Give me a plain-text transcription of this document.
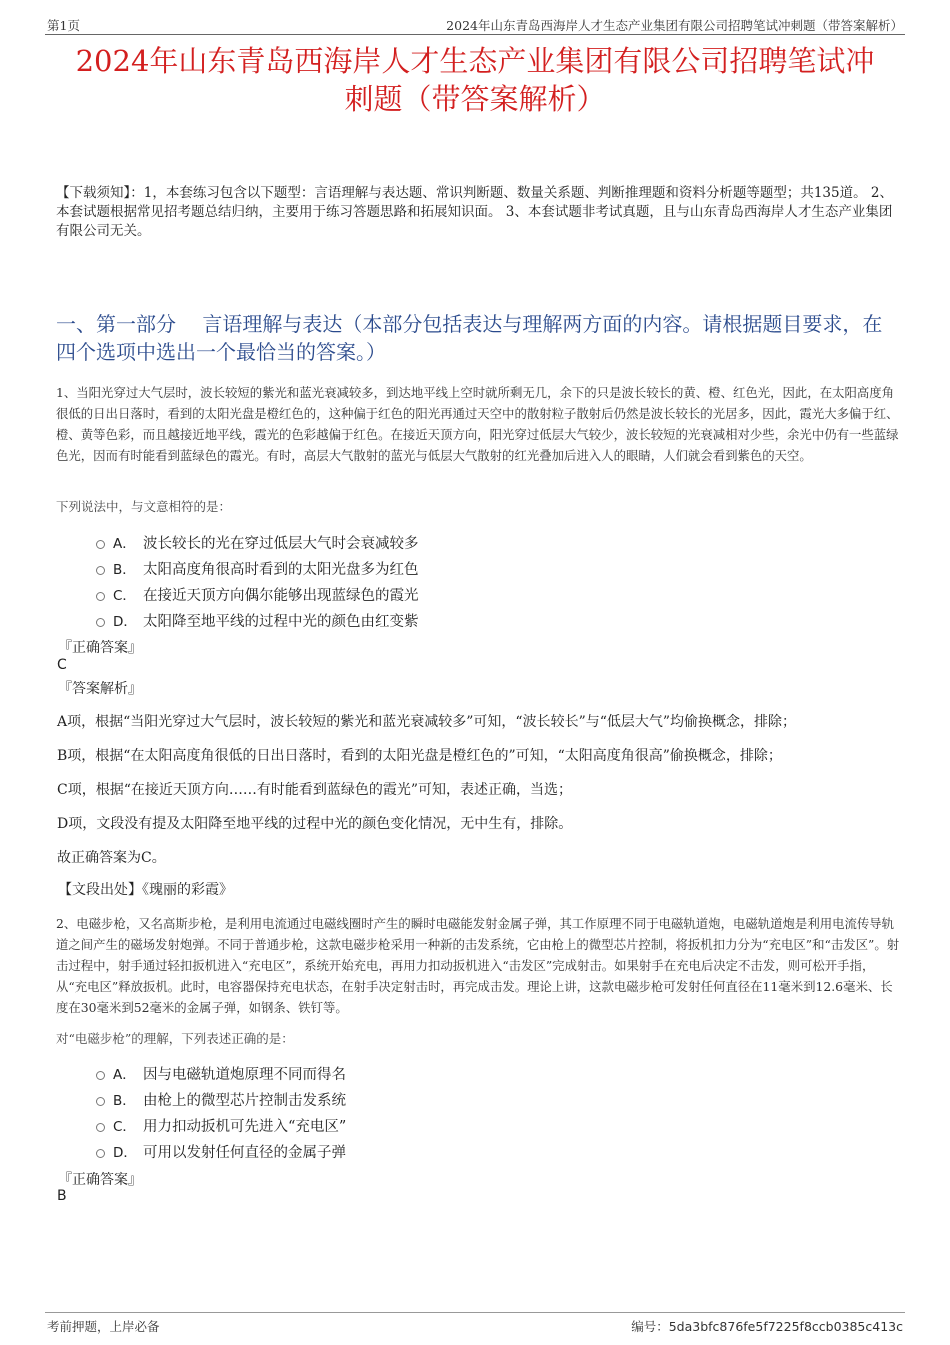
第1页	2024年山东青岛西海岸人才生态产业集团有限公司招聘笔试冲刺题（带答案解析）
2024年山东青岛西海岸人才生态产业集团有限公司招聘笔试冲
刺题（带答案解析）
【下载须知】：1，本套练习包含以下题型：言语理解与表达题、常识判断题、数量关系题、判断推理题和资料分析题等题型；共135道。 2、本套试题根据常见招考题总结归纳，主要用于练习答题思路和拓展知识面。 3、本套试题非考试真题，且与山东青岛西海岸人才生态产业集团有限公司无关。
一、第一部分　 言语理解与表达（本部分包括表达与理解两方面的内容。请根据题目要求，在四个选项中选出一个最恰当的答案。）
1、当阳光穿过大气层时，波长较短的紫光和蓝光衰减较多，到达地平线上空时就所剩无几，余下的只是波长较长的黄、橙、红色光，因此，在太阳高度角很低的日出日落时，看到的太阳光盘是橙红色的，这种偏于红色的阳光再通过天空中的散射粒子散射后仍然是波长较长的光居多，因此，霞光大多偏于红、橙、黄等色彩，而且越接近地平线，霞光的色彩越偏于红色。在接近天顶方向，阳光穿过低层大气较少，波长较短的光衰减相对少些，余光中仍有一些蓝绿色光，因而有时能看到蓝绿色的霞光。有时，高层大气散射的蓝光与低层大气散射的红光叠加后进入人的眼睛，人们就会看到紫色的天空。
下列说法中，与文意相符的是：
A． 波长较长的光在穿过低层大气时会衰减较多
B． 太阳高度角很高时看到的太阳光盘多为红色
C． 在接近天顶方向偶尔能够出现蓝绿色的霞光
D． 太阳降至地平线的过程中光的颜色由红变紫
『正确答案』
C
『答案解析』
A项，根据“当阳光穿过大气层时，波长较短的紫光和蓝光衰减较多”可知，“波长较长”与“低层大气”均偷换概念，排除；
B项，根据“在太阳高度角很低的日出日落时，看到的太阳光盘是橙红色的”可知，“太阳高度角很高”偷换概念，排除；
C项，根据“在接近天顶方向……有时能看到蓝绿色的霞光”可知，表述正确，当选；
D项，文段没有提及太阳降至地平线的过程中光的颜色变化情况，无中生有，排除。
故正确答案为C。
【文段出处】《瑰丽的彩霞》
2、电磁步枪，又名高斯步枪，是利用电流通过电磁线圈时产生的瞬时电磁能发射金属子弹，其工作原理不同于电磁轨道炮，电磁轨道炮是利用电流传导轨道之间产生的磁场发射炮弹。不同于普通步枪，这款电磁步枪采用一种新的击发系统，它由枪上的微型芯片控制，将扳机扣力分为“充电区”和“击发区”。射击过程中，射手通过轻扣扳机进入“充电区”，系统开始充电，再用力扣动扳机进入“击发区”完成射击。如果射手在充电后决定不击发，则可松开手指，从“充电区”释放扳机。此时，电容器保持充电状态，在射手决定射击时，再完成击发。理论上讲，这款电磁步枪可发射任何直径在11毫米到12.6毫米、长度在30毫米到52毫米的金属子弹，如钢条、铁钉等。
对“电磁步枪”的理解，下列表述正确的是：
A． 因与电磁轨道炮原理不同而得名
B． 由枪上的微型芯片控制击发系统
C． 用力扣动扳机可先进入“充电区”
D． 可用以发射任何直径的金属子弹
『正确答案』
B
考前押题，上岸必备	编号：5da3bfc876fe5f7225f8ccb0385c413c
